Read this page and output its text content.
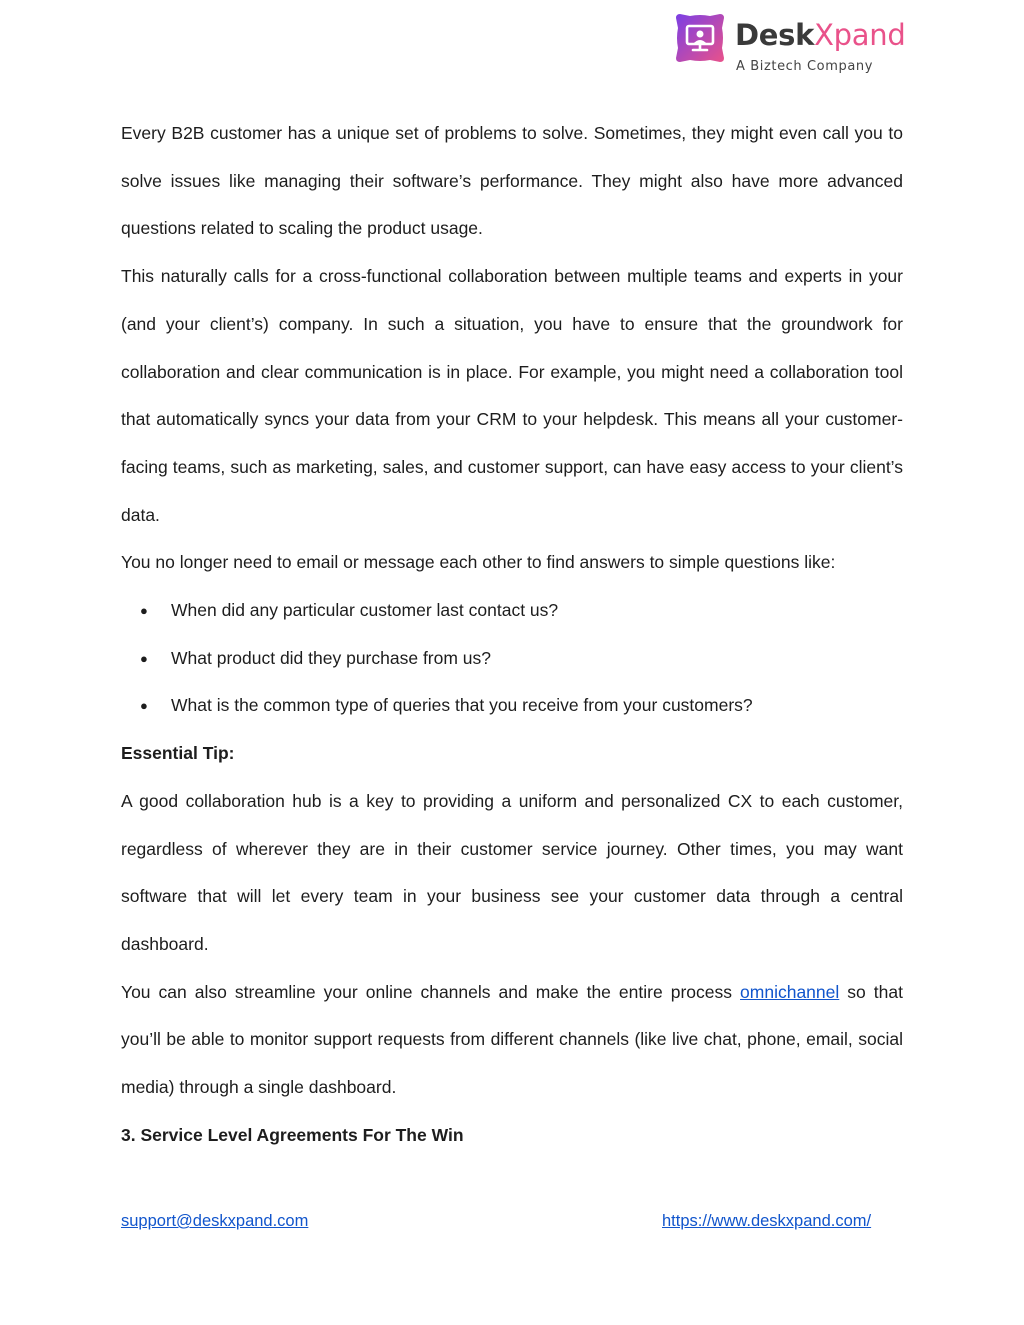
DeskXpand
A Biztech Company

Every B2B customer has a unique set of problems to solve. Sometimes, they might even call you to solve issues like managing their software’s performance. They might also have more advanced questions related to scaling the product usage.

This naturally calls for a cross-functional collaboration between multiple teams and experts in your (and your client’s) company. In such a situation, you have to ensure that the groundwork for collaboration and clear communication is in place. For example, you might need a collaboration tool that automatically syncs your data from your CRM to your helpdesk. This means all your customer-facing teams, such as marketing, sales, and customer support, can have easy access to your client’s data.

You no longer need to email or message each other to find answers to simple questions like:

● When did any particular customer last contact us?
● What product did they purchase from us?
● What is the common type of queries that you receive from your customers?

Essential Tip:

A good collaboration hub is a key to providing a uniform and personalized CX to each customer, regardless of wherever they are in their customer service journey. Other times, you may want software that will let every team in your business see your customer data through a central dashboard.

You can also streamline your online channels and make the entire process omnichannel so that you’ll be able to monitor support requests from different channels (like live chat, phone, email, social media) through a single dashboard.

3. Service Level Agreements For The Win

support@deskxpand.com	https://www.deskxpand.com/
